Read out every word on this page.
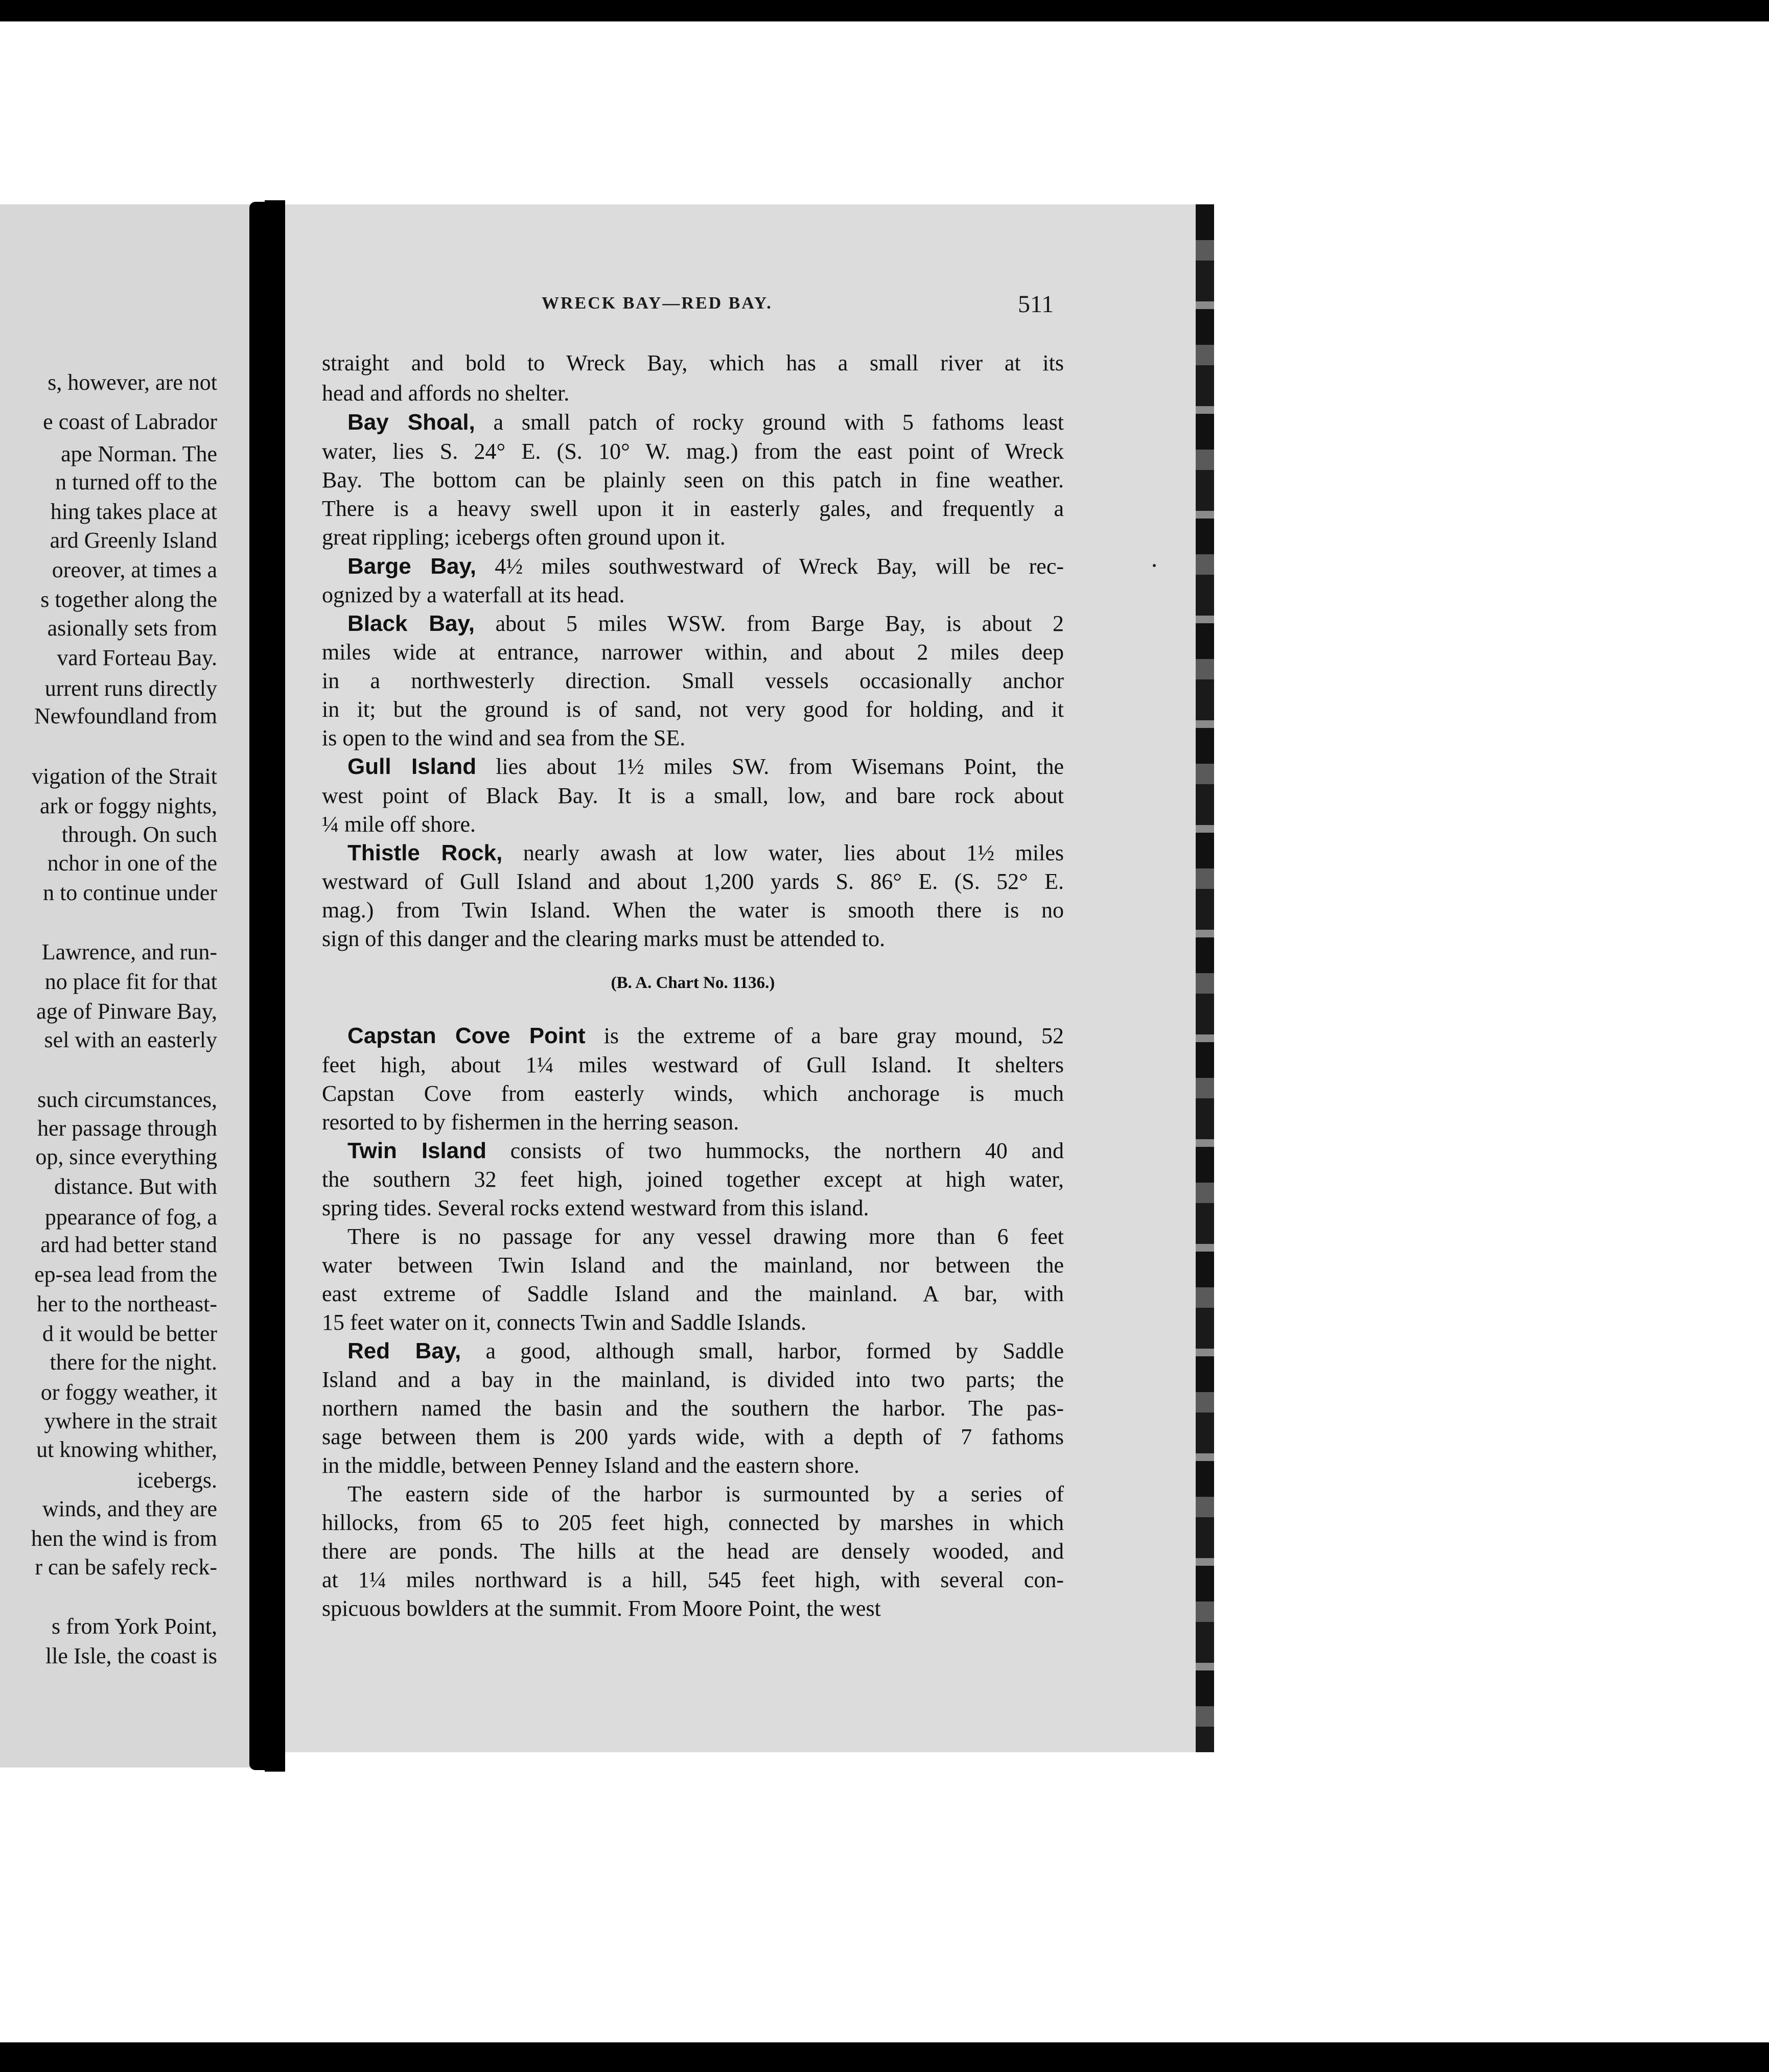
s, however, are not
e coast of Labrador
ape Norman. The
n turned off to the
hing takes place at
ard Greenly Island
oreover, at times a
s together along the
asionally sets from
vard Forteau Bay.
urrent runs directly
Newfoundland from
vigation of the Strait
ark or foggy nights,
through. On such
nchor in one of the
n to continue under
Lawrence, and run-
no place fit for that
age of Pinware Bay,
sel with an easterly
such circumstances,
her passage through
op, since everything
distance. But with
ppearance of fog, a
ard had better stand
ep-sea lead from the
her to the northeast-
d it would be better
there for the night.
or foggy weather, it
ywhere in the strait
ut knowing whither,
icebergs.
winds, and they are
hen the wind is from
r can be safely reck-
s from York Point,
lle Isle, the coast is
WRECK BAY—RED BAY.	511
straight and bold to Wreck Bay, which has a small river at its
head and affords no shelter.
Bay Shoal, a small patch of rocky ground with 5 fathoms least
water, lies S. 24° E. (S. 10° W. mag.) from the east point of Wreck
Bay. The bottom can be plainly seen on this patch in fine weather.
There is a heavy swell upon it in easterly gales, and frequently a
great rippling; icebergs often ground upon it.
Barge Bay, 4½ miles southwestward of Wreck Bay, will be rec-
ognized by a waterfall at its head.
Black Bay, about 5 miles WSW. from Barge Bay, is about 2
miles wide at entrance, narrower within, and about 2 miles deep
in a northwesterly direction. Small vessels occasionally anchor
in it; but the ground is of sand, not very good for holding, and it
is open to the wind and sea from the SE.
Gull Island lies about 1½ miles SW. from Wisemans Point, the
west point of Black Bay. It is a small, low, and bare rock about
¼ mile off shore.
Thistle Rock, nearly awash at low water, lies about 1½ miles
westward of Gull Island and about 1,200 yards S. 86° E. (S. 52° E.
mag.) from Twin Island. When the water is smooth there is no
sign of this danger and the clearing marks must be attended to.
Capstan Cove Point is the extreme of a bare gray mound, 52
feet high, about 1¼ miles westward of Gull Island. It shelters
Capstan Cove from easterly winds, which anchorage is much
resorted to by fishermen in the herring season.
Twin Island consists of two hummocks, the northern 40 and
the southern 32 feet high, joined together except at high water,
spring tides. Several rocks extend westward from this island.
There is no passage for any vessel drawing more than 6 feet
water between Twin Island and the mainland, nor between the
east extreme of Saddle Island and the mainland. A bar, with
15 feet water on it, connects Twin and Saddle Islands.
Red Bay, a good, although small, harbor, formed by Saddle
Island and a bay in the mainland, is divided into two parts; the
northern named the basin and the southern the harbor. The pas-
sage between them is 200 yards wide, with a depth of 7 fathoms
in the middle, between Penney Island and the eastern shore.
The eastern side of the harbor is surmounted by a series of
hillocks, from 65 to 205 feet high, connected by marshes in which
there are ponds. The hills at the head are densely wooded, and
at 1¼ miles northward is a hill, 545 feet high, with several con-
spicuous bowlders at the summit. From Moore Point, the west
(B. A. Chart No. 1136.)
